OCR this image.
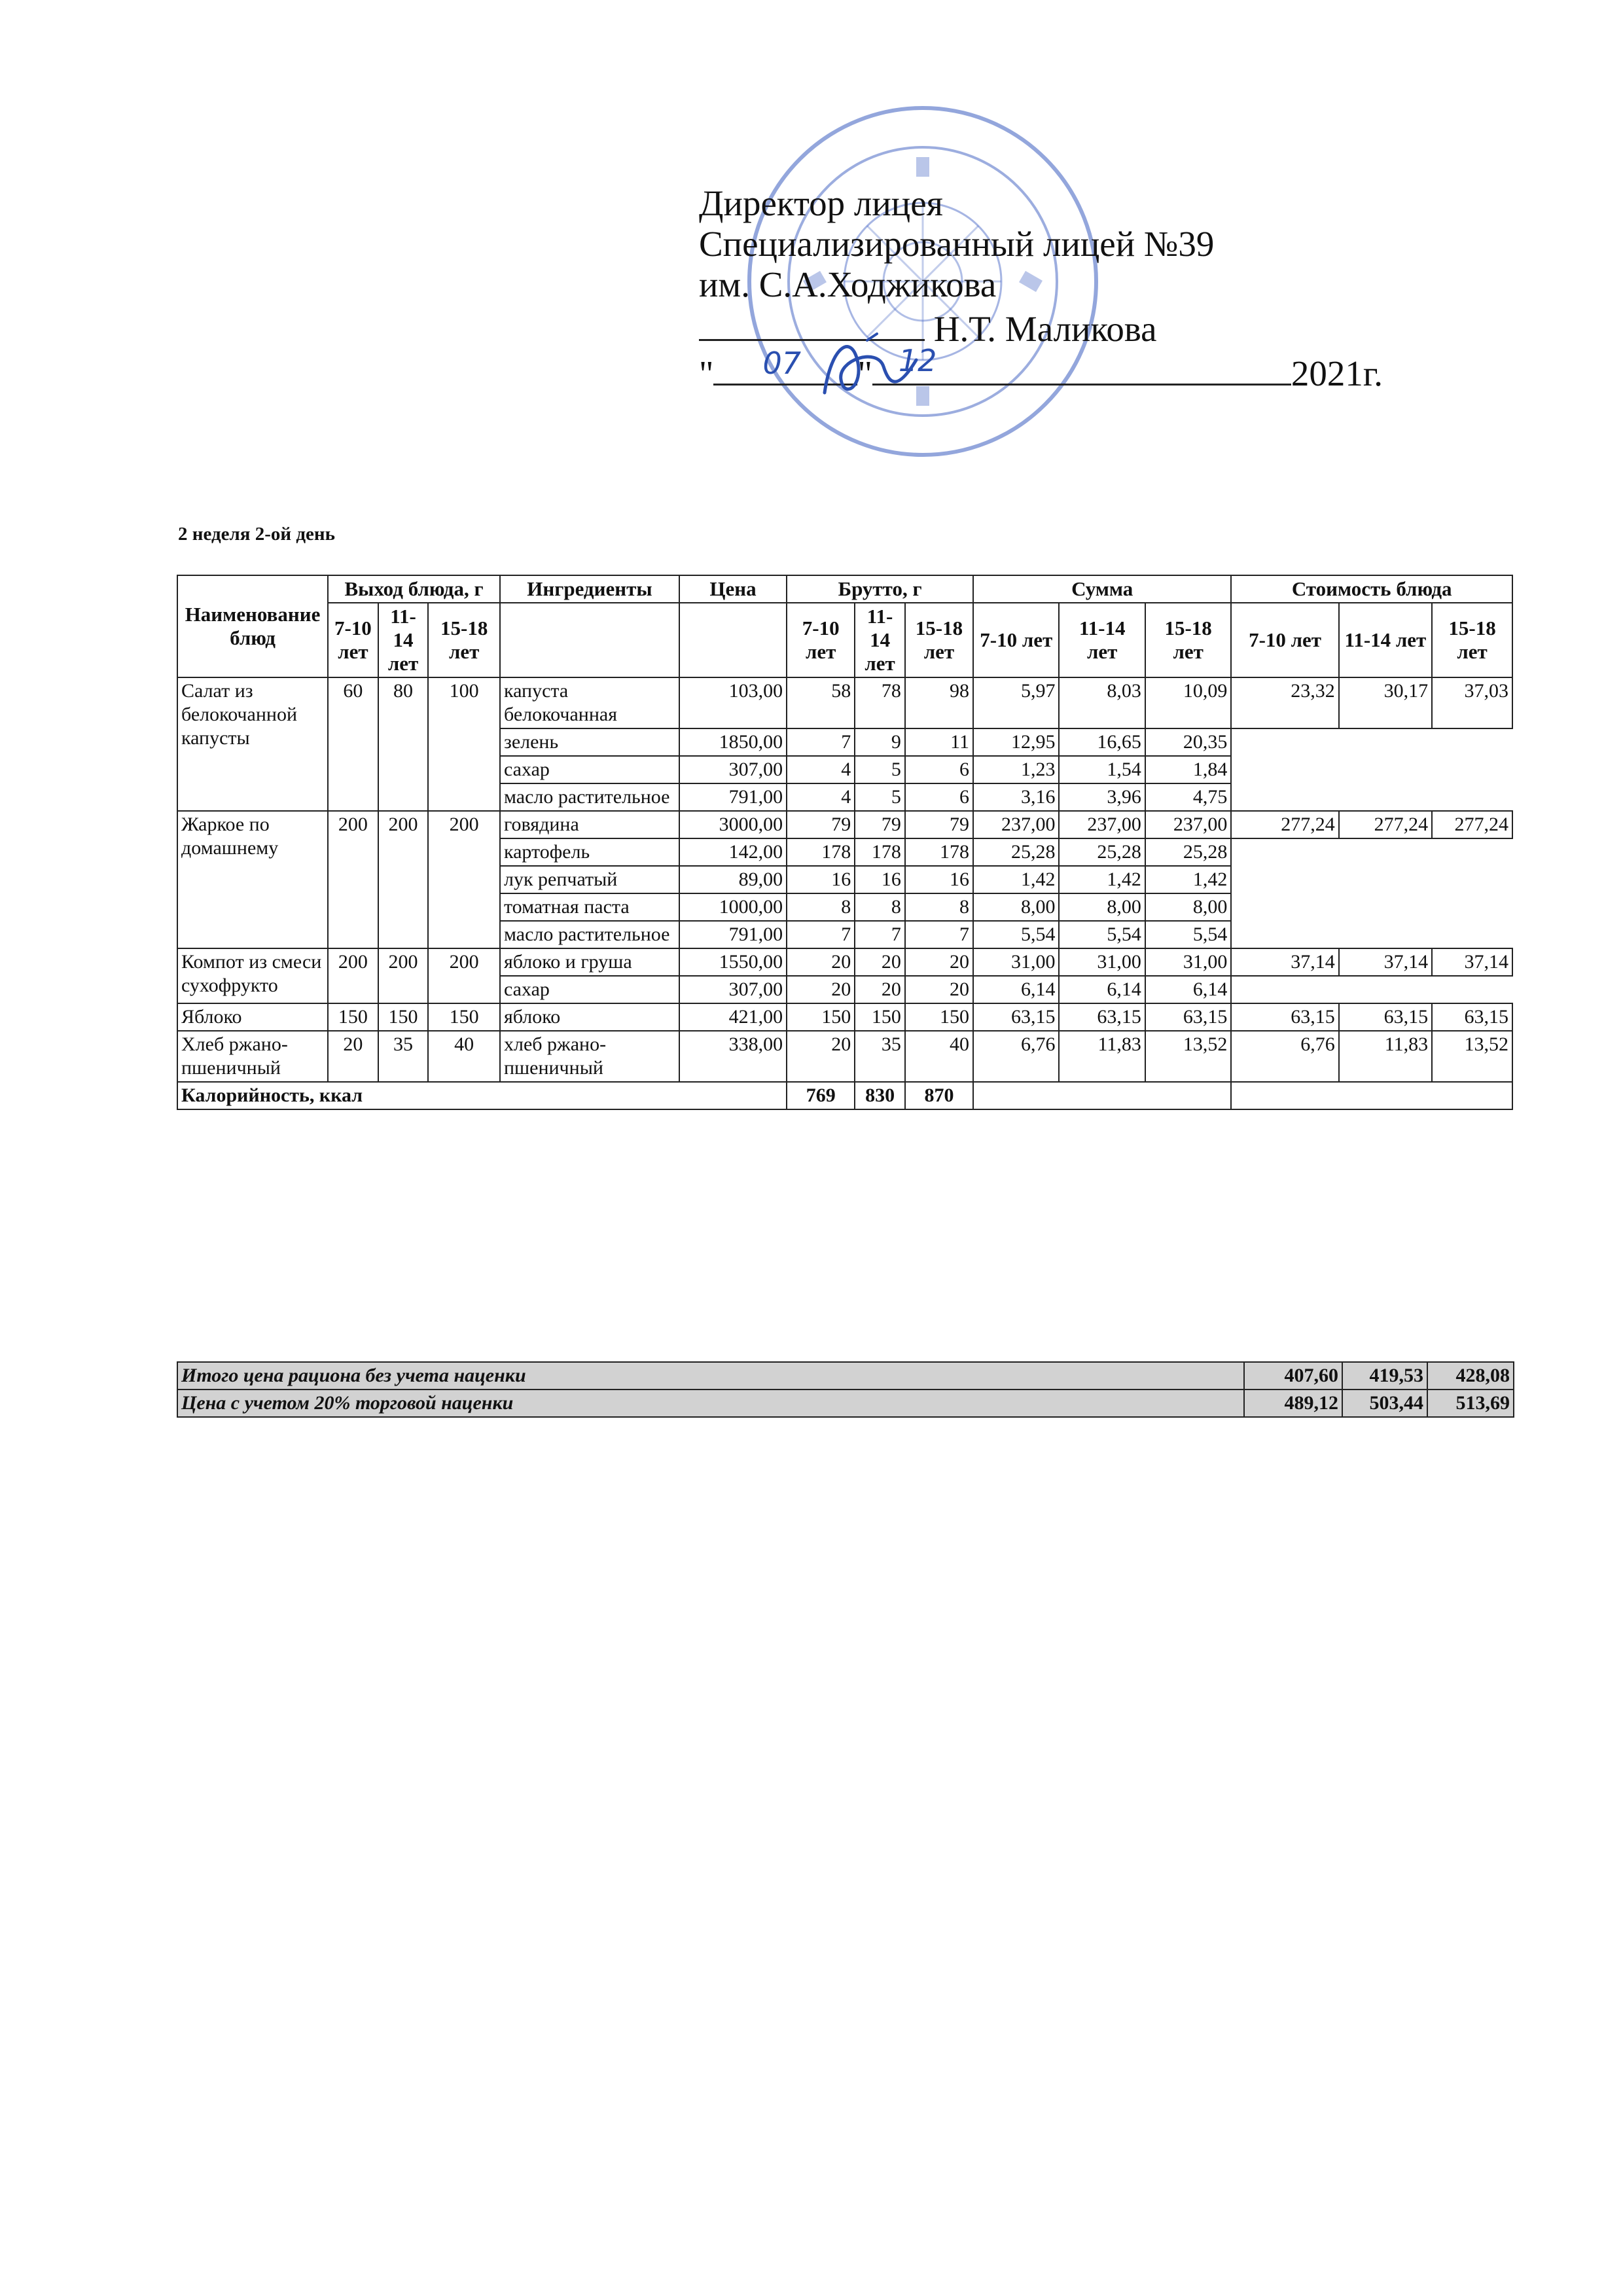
Директор лицея
Специализированный лицей №39
им. С.А.Ходжикова
Н.Т. Маликова
" 07 " 12	2021г.
2 неделя 2-ой день
Наименование блюд	Выход блюда, г			Ингредиенты	Цена	Брутто, г			Сумма			Стоимость блюда		
	7-10 лет	11-14 лет	15-18 лет			7-10 лет	11-14 лет	15-18 лет	7-10 лет	11-14 лет	15-18 лет	7-10 лет	11-14 лет	15-18 лет
Салат из белокочанной капусты	60	80	100	капуста белокочанная	103,00	58	78	98	5,97	8,03	10,09	23,32	30,17	37,03
				зелень	1850,00	7	9	11	12,95	16,65	20,35			
				сахар	307,00	4	5	6	1,23	1,54	1,84			
				масло растительное	791,00	4	5	6	3,16	3,96	4,75			
Жаркое по домашнему	200	200	200	говядина	3000,00	79	79	79	237,00	237,00	237,00	277,24	277,24	277,24
				картофель	142,00	178	178	178	25,28	25,28	25,28			
				лук репчатый	89,00	16	16	16	1,42	1,42	1,42			
				томатная паста	1000,00	8	8	8	8,00	8,00	8,00			
				масло растительное	791,00	7	7	7	5,54	5,54	5,54			
Компот из смеси сухофрукто	200	200	200	яблоко и груша	1550,00	20	20	20	31,00	31,00	31,00	37,14	37,14	37,14
				сахар	307,00	20	20	20	6,14	6,14	6,14			
Яблоко	150	150	150	яблоко	421,00	150	150	150	63,15	63,15	63,15	63,15	63,15	63,15
Хлеб ржано-пшеничный	20	35	40	хлеб ржано-пшеничный	338,00	20	35	40	6,76	11,83	13,52	6,76	11,83	13,52
Калорийность, ккал						769	830	870						
Итого цена рациона без учета наценки	407,60	419,53	428,08
Цена с учетом 20% торговой наценки	489,12	503,44	513,69
